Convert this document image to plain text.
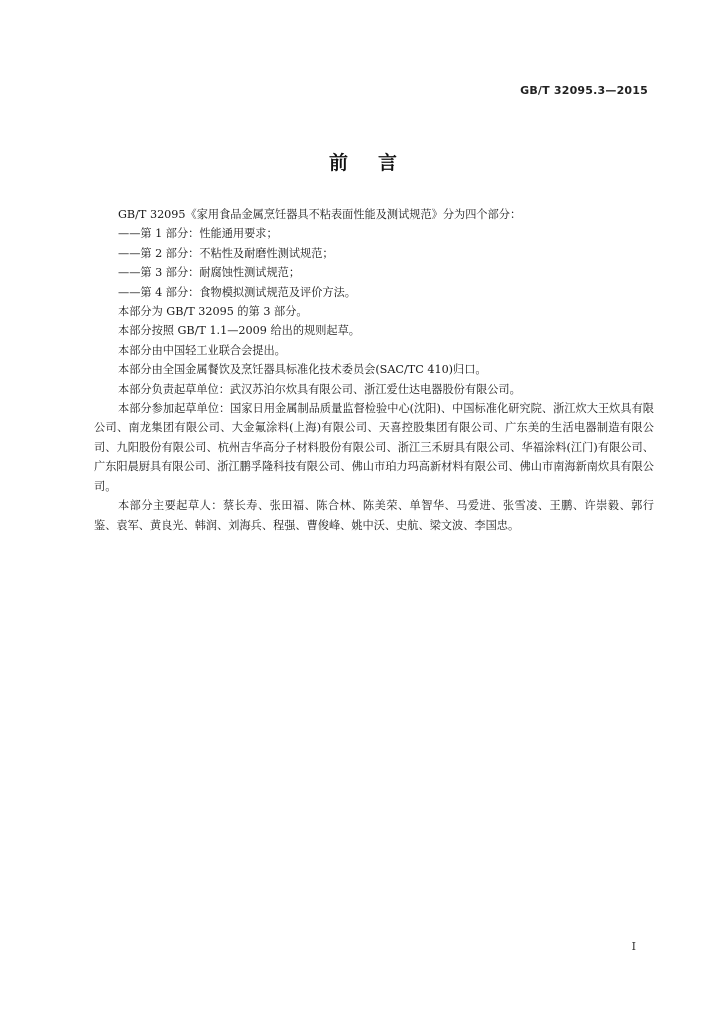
GB/T 32095.3—2015
前言

GB/T 32095《家用食品金属烹饪器具不粘表面性能及测试规范》分为四个部分：

——第 1 部分：性能通用要求；

——第 2 部分：不粘性及耐磨性测试规范；

——第 3 部分：耐腐蚀性测试规范；

——第 4 部分：食物模拟测试规范及评价方法。

本部分为 GB/T 32095 的第 3 部分。

本部分按照 GB/T 1.1—2009 给出的规则起草。

本部分由中国轻工业联合会提出。

本部分由全国金属餐饮及烹饪器具标准化技术委员会(SAC/TC 410)归口。

本部分负责起草单位：武汉苏泊尔炊具有限公司、浙江爱仕达电器股份有限公司。

本部分参加起草单位：国家日用金属制品质量监督检验中心(沈阳)、中国标准化研究院、浙江炊大王炊具有限公司、南龙集团有限公司、大金氟涂料(上海)有限公司、天喜控股集团有限公司、广东美的生活电器制造有限公司、九阳股份有限公司、杭州吉华高分子材料股份有限公司、浙江三禾厨具有限公司、华福涂料(江门)有限公司、广东阳晨厨具有限公司、浙江鹏孚隆科技有限公司、佛山市珀力玛高新材料有限公司、佛山市南海新南炊具有限公司。

本部分主要起草人：蔡长寿、张田福、陈合林、陈美荣、单智华、马爱进、张雪凌、王鹏、许崇毅、郭行鉴、袁军、黄良光、韩润、刘海兵、程强、曹俊峰、姚中沃、史航、梁文波、李国忠。

I
